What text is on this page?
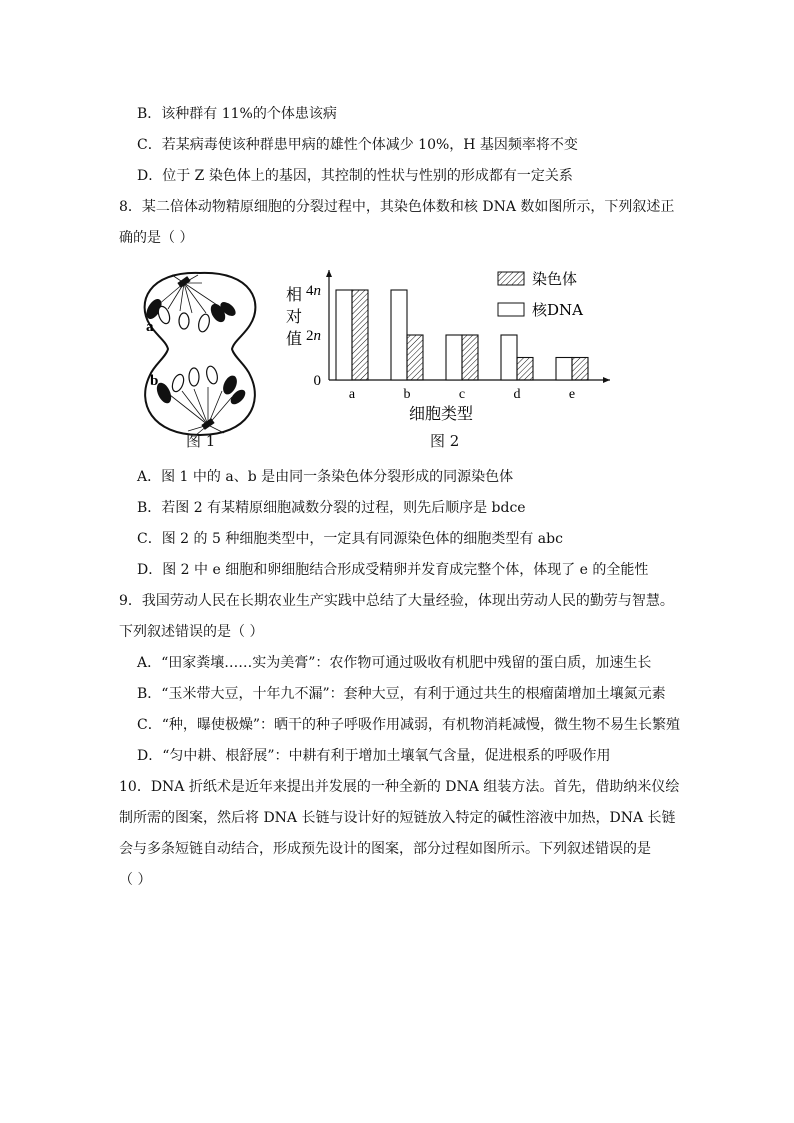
B．该种群有 11%的个体患该病
C．若某病毒使该种群患甲病的雄性个体减少 10%，H 基因频率将不变
D．位于 Z 染色体上的基因，其控制的性状与性别的形成都有一定关系
8．某二倍体动物精原细胞的分裂过程中，其染色体数和核 DNA 数如图所示，下列叙述正
确的是（ ）
a
b
图 1
4n
2n
0
相
对
值
a	b	c	d	e
细胞类型
染色体
核DNA
图 2
A．图 1 中的 a、b 是由同一条染色体分裂形成的同源染色体
B．若图 2 有某精原细胞减数分裂的过程，则先后顺序是 bdce
C．图 2 的 5 种细胞类型中，一定具有同源染色体的细胞类型有 abc
D．图 2 中 e 细胞和卵细胞结合形成受精卵并发育成完整个体，体现了 e 的全能性
9．我国劳动人民在长期农业生产实践中总结了大量经验，体现出劳动人民的勤劳与智慧。
下列叙述错误的是（ ）
A．“田家粪壤……实为美膏”：农作物可通过吸收有机肥中残留的蛋白质，加速生长
B．“玉米带大豆，十年九不漏”：套种大豆，有利于通过共生的根瘤菌增加土壤氮元素
C．“种，曝使极燥”：晒干的种子呼吸作用减弱，有机物消耗减慢，微生物不易生长繁殖
D．“匀中耕、根舒展”：中耕有利于增加土壤氧气含量，促进根系的呼吸作用
10．DNA 折纸术是近年来提出并发展的一种全新的 DNA 组装方法。首先，借助纳米仪绘
制所需的图案，然后将 DNA 长链与设计好的短链放入特定的碱性溶液中加热，DNA 长链
会与多条短链自动结合，形成预先设计的图案，部分过程如图所示。下列叙述错误的是
（ ）
